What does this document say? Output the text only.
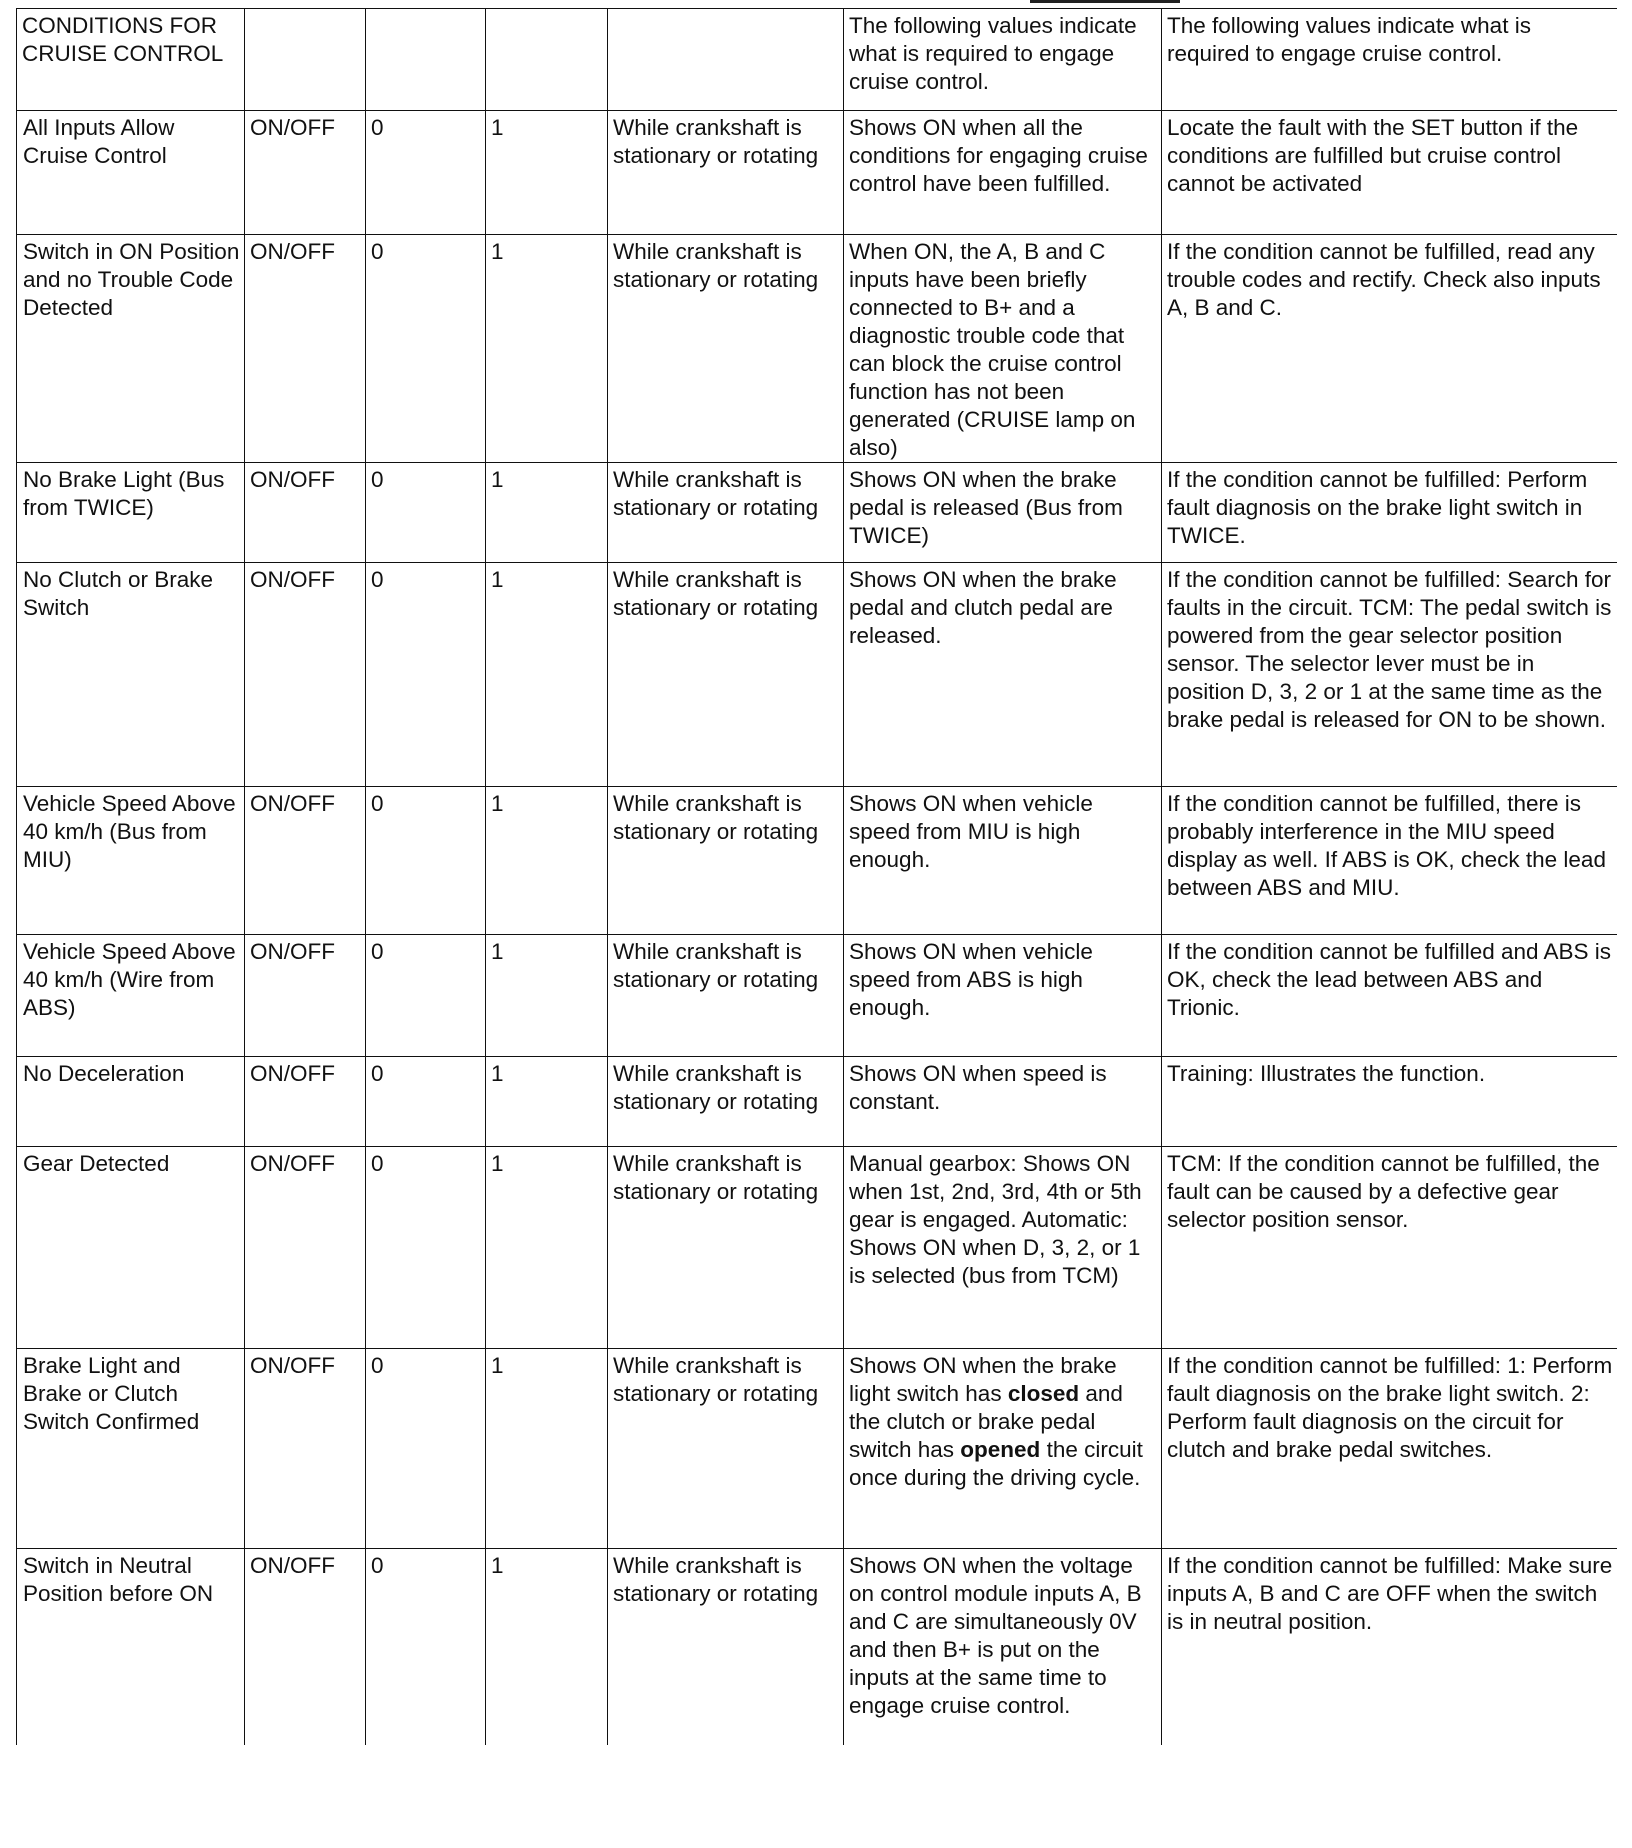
CONDITIONS FOR CRUISE CONTROL					The following values indicate what is required to engage cruise control.	The following values indicate what is required to engage cruise control.
All Inputs Allow Cruise Control	ON/OFF	0	1	While crankshaft is stationary or rotating	Shows ON when all the conditions for engaging cruise control have been fulfilled.	Locate the fault with the SET button if the conditions are fulfilled but cruise control cannot be activated
Switch in ON Position and no Trouble Code Detected	ON/OFF	0	1	While crankshaft is stationary or rotating	When ON, the A, B and C inputs have been briefly connected to B+ and a diagnostic trouble code that can block the cruise control function has not been generated (CRUISE lamp on also)	If the condition cannot be fulfilled, read any trouble codes and rectify. Check also inputs A, B and C.
No Brake Light (Bus from TWICE)	ON/OFF	0	1	While crankshaft is stationary or rotating	Shows ON when the brake pedal is released (Bus from TWICE)	If the condition cannot be fulfilled: Perform fault diagnosis on the brake light switch in TWICE.
No Clutch or Brake Switch	ON/OFF	0	1	While crankshaft is stationary or rotating	Shows ON when the brake pedal and clutch pedal are released.	If the condition cannot be fulfilled: Search for faults in the circuit. TCM: The pedal switch is powered from the gear selector position sensor. The selector lever must be in position D, 3, 2 or 1 at the same time as the brake pedal is released for ON to be shown.
Vehicle Speed Above 40 km/h (Bus from MIU)	ON/OFF	0	1	While crankshaft is stationary or rotating	Shows ON when vehicle speed from MIU is high enough.	If the condition cannot be fulfilled, there is probably interference in the MIU speed display as well. If ABS is OK, check the lead between ABS and MIU.
Vehicle Speed Above 40 km/h (Wire from ABS)	ON/OFF	0	1	While crankshaft is stationary or rotating	Shows ON when vehicle speed from ABS is high enough.	If the condition cannot be fulfilled and ABS is OK, check the lead between ABS and Trionic.
No Deceleration	ON/OFF	0	1	While crankshaft is stationary or rotating	Shows ON when speed is constant.	Training: Illustrates the function.
Gear Detected	ON/OFF	0	1	While crankshaft is stationary or rotating	Manual gearbox: Shows ON when 1st, 2nd, 3rd, 4th or 5th gear is engaged. Automatic: Shows ON when D, 3, 2, or 1 is selected (bus from TCM)	TCM: If the condition cannot be fulfilled, the fault can be caused by a defective gear selector position sensor.
Brake Light and Brake or Clutch Switch Confirmed	ON/OFF	0	1	While crankshaft is stationary or rotating	Shows ON when the brake light switch has closed and the clutch or brake pedal switch has opened the circuit once during the driving cycle.	If the condition cannot be fulfilled: 1: Perform fault diagnosis on the brake light switch. 2: Perform fault diagnosis on the circuit for clutch and brake pedal switches.
Switch in Neutral Position before ON	ON/OFF	0	1	While crankshaft is stationary or rotating	Shows ON when the voltage on control module inputs A, B and C are simultaneously 0V and then B+ is put on the inputs at the same time to engage cruise control.	If the condition cannot be fulfilled: Make sure inputs A, B and C are OFF when the switch is in neutral position.
